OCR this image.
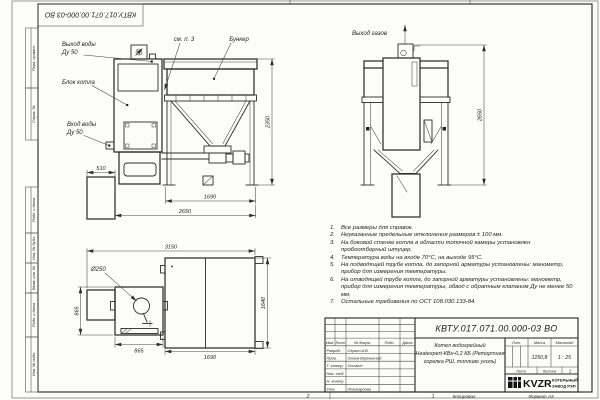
КВТУ.017.071.00.000-03 ВО
Перв. примен.
Справ. №
Подп. и дата
Инв. № дубл.
Взам. инв. №
Подп. и дата
Инв. № подл.
Выход воды
Ду 50
Блок котла
Вход воды
Ду 50
см. п. 3	Бункер
510
2350
1690
2650
Выход газов
2650
Ø250
3150
865
865
1690
1640
КВТУ.017.071.00.000-03 ВО
Котел водогрейный
Heatexpert-КВн-0,2 КБ (Ретортная
горелка РШ, топливо уголь)
Изм. Лист № докум.	Подп. Дата
Разраб. Сергин А.В.
Пров.	Онегов-Вережинский
Т. контр. Осичкин
Нач. отд.
Н. контр.
Утв.	Поликарпова
Лит.	Масса	Масштаб
1250,8 1 : 25
Лист	Листов	1
KVZR КОТЕЛЬНЫЙ
ЗАВОД РЭП
2	1	Копировал	Формат А3
1.	Все размеры для справок.
2.	Неуказанные предельные отклонения размеров ± 100 мм.
3.	На боковой стенке котла в области топочной камеры установлен пробоотборный штуцер.
4.	Температура воды на входе 70°С, на выходе 95°С.
5.	На подводящей трубе котла, до запорной арматуры установлены: манометр, прибор для измерения температуры.
6.	На отводящей трубе котла, до запорной арматуры установлены: манометр, прибор для измерения температуры, обвод с обратным клапаном Ду не менее 50 мм.
7.	Остальные требования по ОСТ 108.030.133-84.
